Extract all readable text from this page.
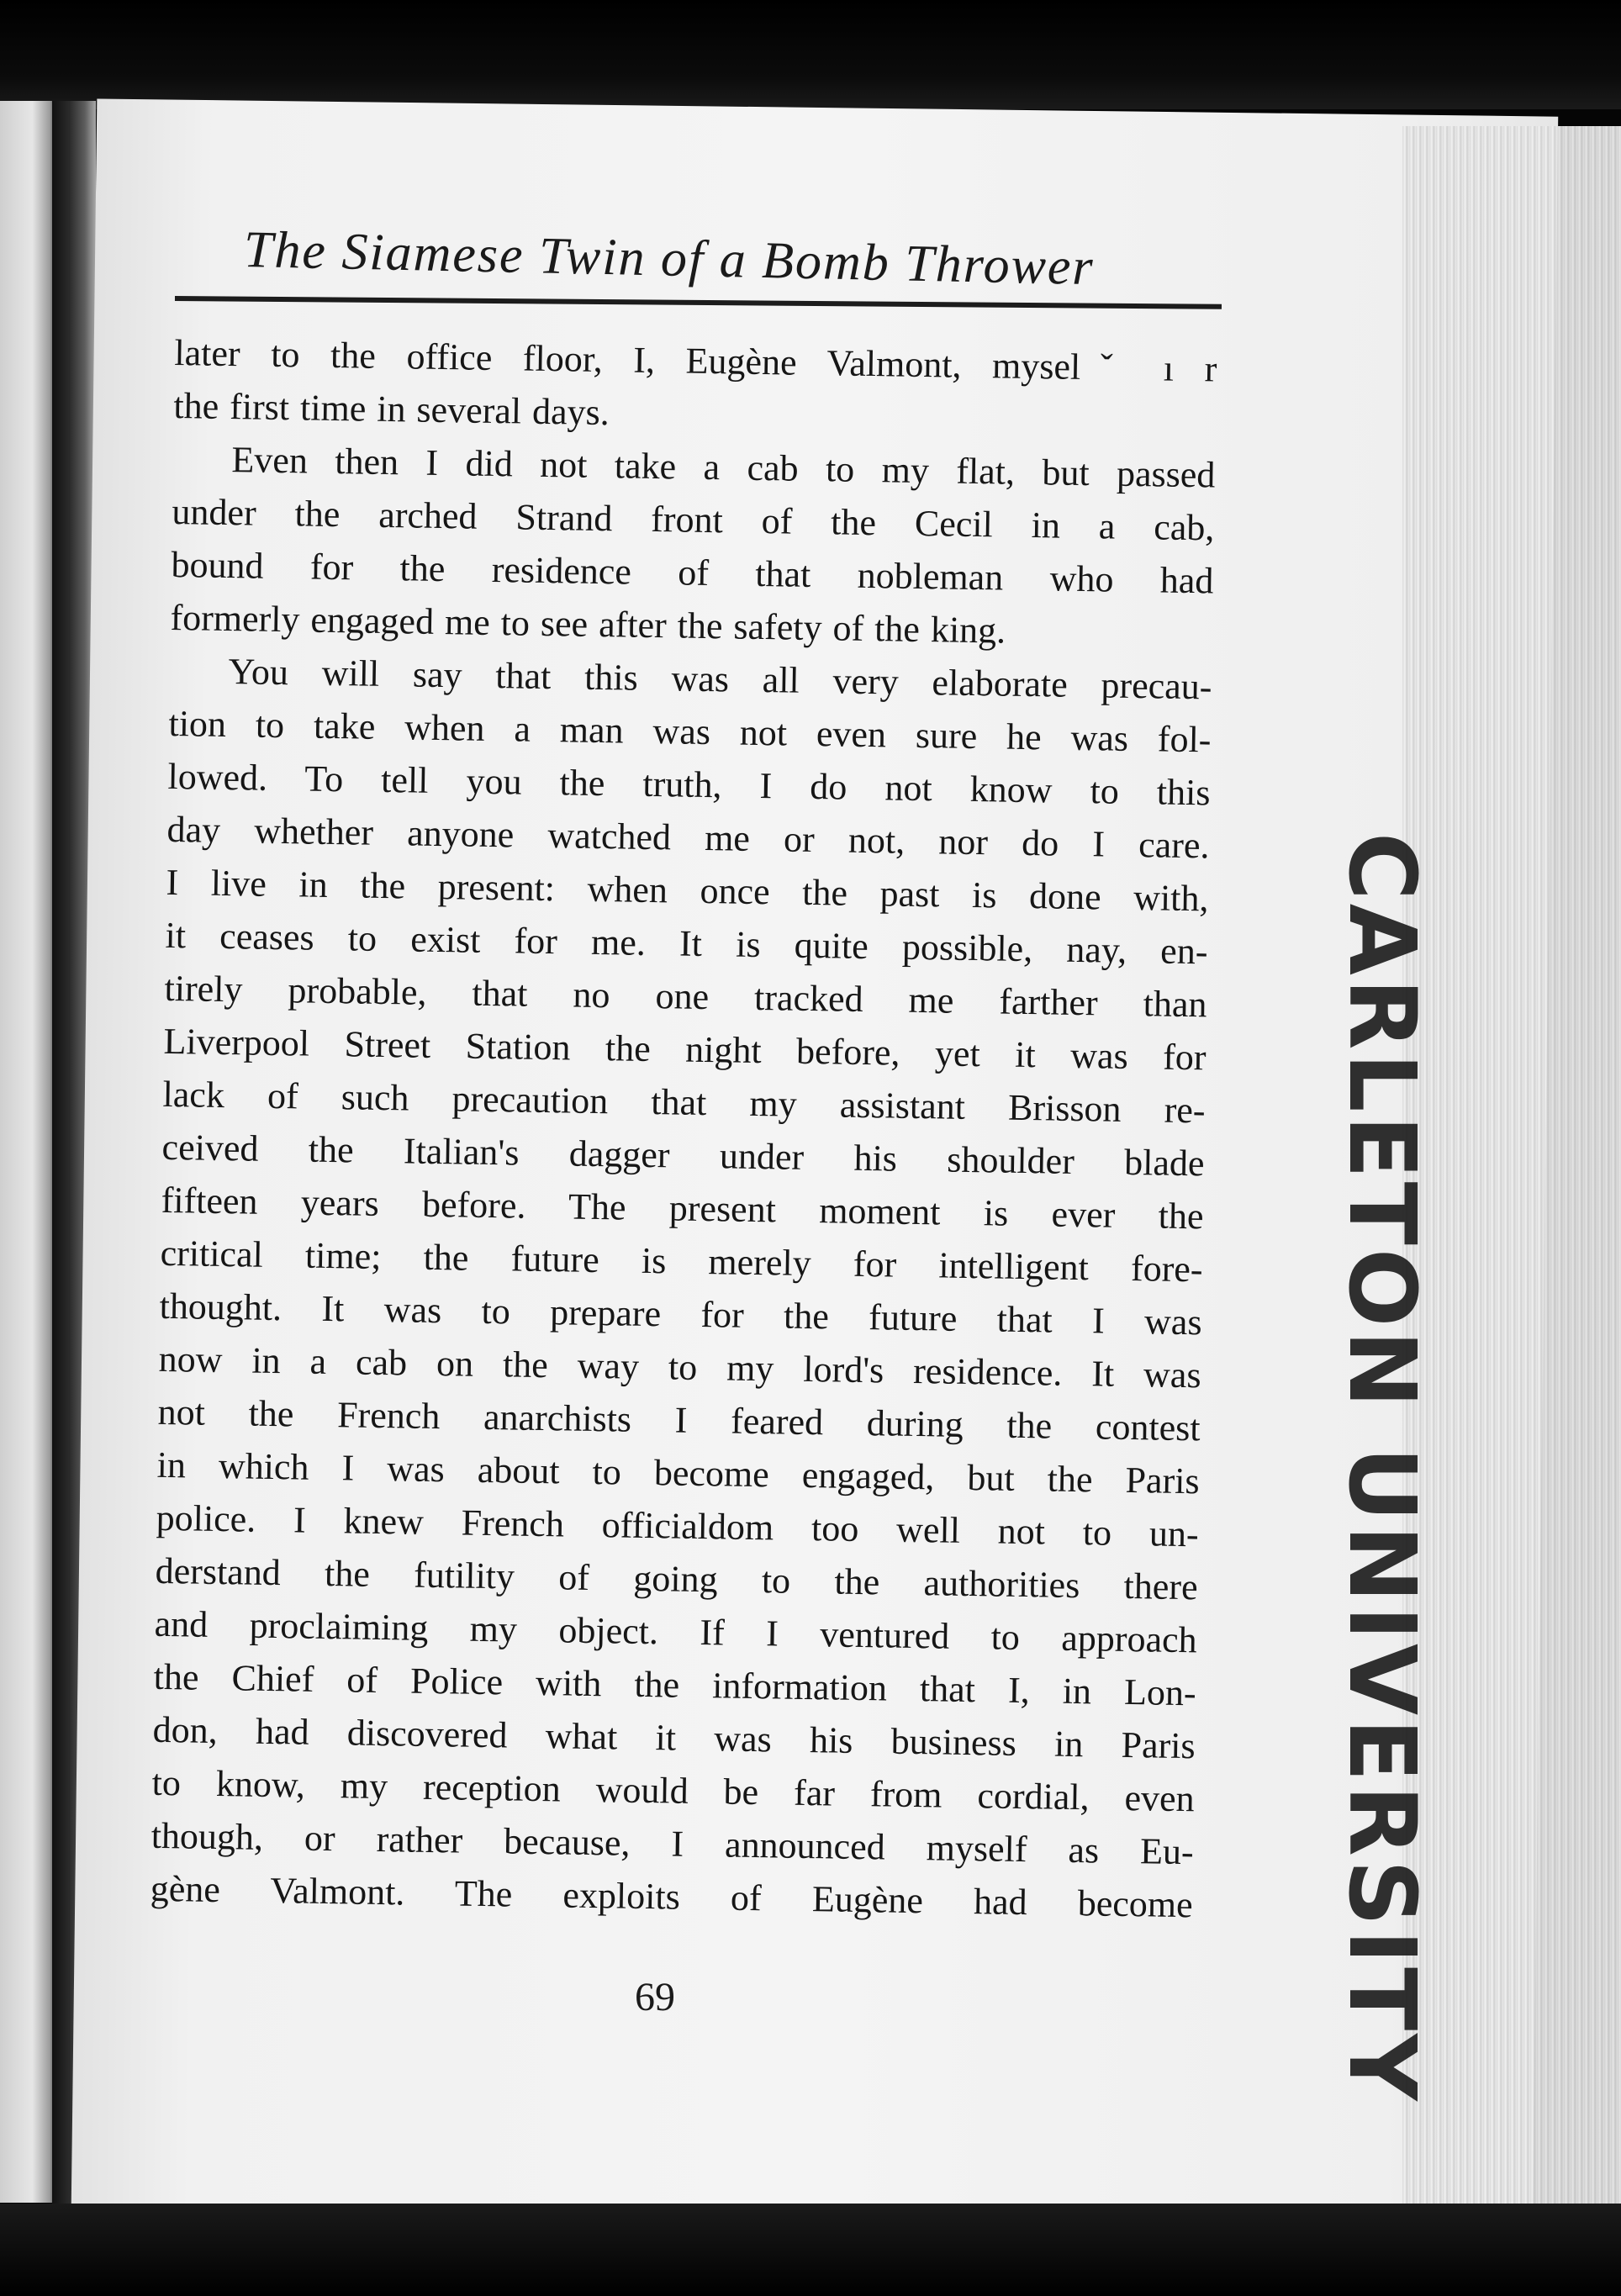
The Siamese Twin of a Bomb Thrower
later to the office floor, I, Eugène Valmont, myselˇ ı r
the first time in several days.
Even then I did not take a cab to my flat, but passed
under the arched Strand front of the Cecil in a cab,
bound for the residence of that nobleman who had
formerly engaged me to see after the safety of the king.
You will say that this was all very elaborate precau-
tion to take when a man was not even sure he was fol-
lowed. To tell you the truth, I do not know to this
day whether anyone watched me or not, nor do I care.
I live in the present: when once the past is done with,
it ceases to exist for me. It is quite possible, nay, en-
tirely probable, that no one tracked me farther than
Liverpool Street Station the night before, yet it was for
lack of such precaution that my assistant Brisson re-
ceived the Italian's dagger under his shoulder blade
fifteen years before. The present moment is ever the
critical time; the future is merely for intelligent fore-
thought. It was to prepare for the future that I was
now in a cab on the way to my lord's residence. It was
not the French anarchists I feared during the contest
in which I was about to become engaged, but the Paris
police. I knew French officialdom too well not to un-
derstand the futility of going to the authorities there
and proclaiming my object. If I ventured to approach
the Chief of Police with the information that I, in Lon-
don, had discovered what it was his business in Paris
to know, my reception would be far from cordial, even
though, or rather because, I announced myself as Eu-
gène Valmont. The exploits of Eugène had become
69	CARLETON UNIVERSITY
